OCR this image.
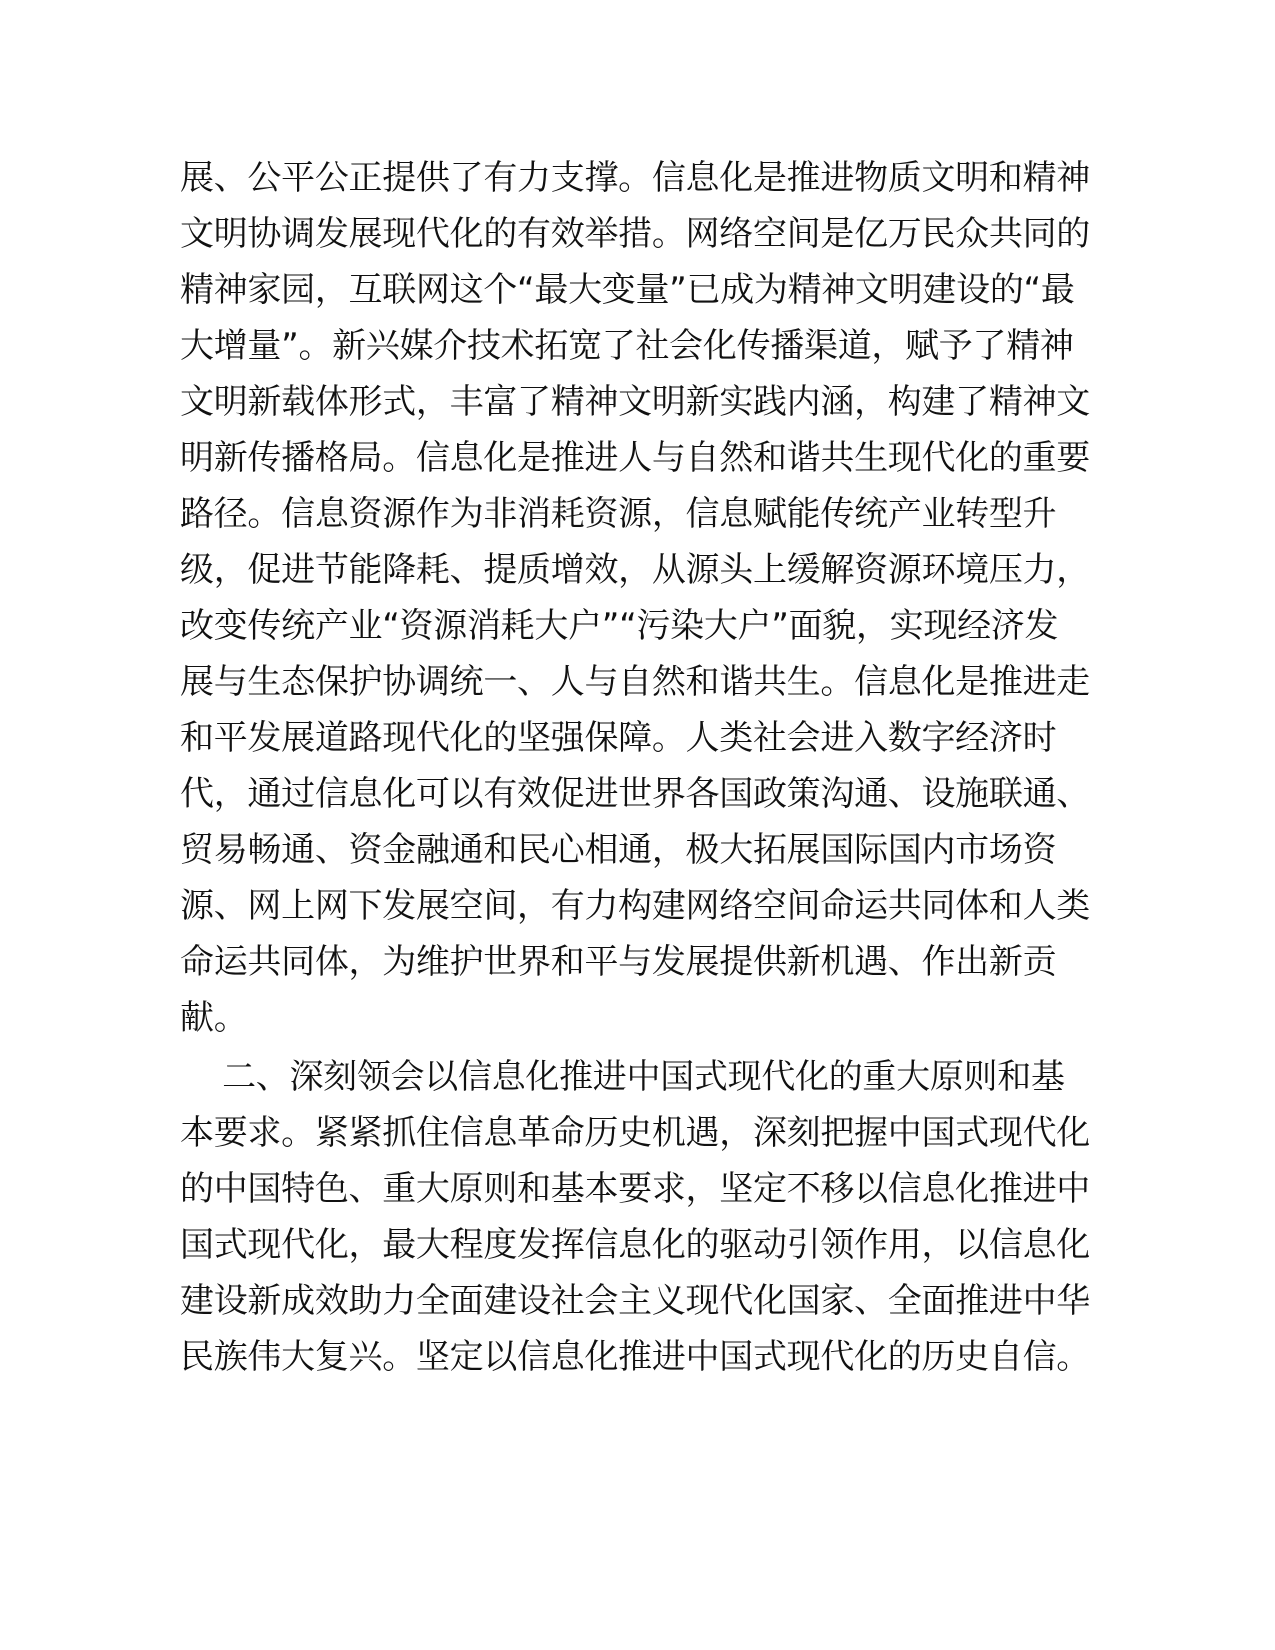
展 、 公 平 公 正 提 供 了 有 力 支 撑 。 信 息 化 是 推 进 物 质 文 明 和 精 神
文 明 协 调 发 展 现 代 化 的 有 效 举 措 。 网 络 空 间 是 亿 万 民 众 共 同 的
精 神 家 园 ， 互 联 网 这 个 “ 最 大 变 量 ” 已 成 为 精 神 文 明 建 设 的 “ 最
大 增 量 ” 。 新 兴 媒 介 技 术 拓 宽 了 社 会 化 传 播 渠 道 ， 赋 予 了 精 神
文 明 新 载 体 形 式 ， 丰 富 了 精 神 文 明 新 实 践 内 涵 ， 构 建 了 精 神 文
明 新 传 播 格 局 。 信 息 化 是 推 进 人 与 自 然 和 谐 共 生 现 代 化 的 重 要
路 径 。 信 息 资 源 作 为 非 消 耗 资 源 ， 信 息 赋 能 传 统 产 业 转 型 升
级 ， 促 进 节 能 降 耗 、 提 质 增 效 ， 从 源 头 上 缓 解 资 源 环 境 压 力 ，
改 变 传 统 产 业 “ 资 源 消 耗 大 户 ” “ 污 染 大 户 ” 面 貌 ， 实 现 经 济 发
展 与 生 态 保 护 协 调 统 一 、 人 与 自 然 和 谐 共 生 。 信 息 化 是 推 进 走
和 平 发 展 道 路 现 代 化 的 坚 强 保 障 。 人 类 社 会 进 入 数 字 经 济 时
代 ， 通 过 信 息 化 可 以 有 效 促 进 世 界 各 国 政 策 沟 通 、 设 施 联 通 、
贸 易 畅 通 、 资 金 融 通 和 民 心 相 通 ， 极 大 拓 展 国 际 国 内 市 场 资
源 、 网 上 网 下 发 展 空 间 ， 有 力 构 建 网 络 空 间 命 运 共 同 体 和 人 类
命 运 共 同 体 ， 为 维 护 世 界 和 平 与 发 展 提 供 新 机 遇 、 作 出 新 贡
献。

二 、 深 刻 领 会 以 信 息 化 推 进 中 国 式 现 代 化 的 重 大 原 则 和 基
本 要 求 。 紧 紧 抓 住 信 息 革 命 历 史 机 遇 ， 深 刻 把 握 中 国 式 现 代 化
的 中 国 特 色 、 重 大 原 则 和 基 本 要 求 ， 坚 定 不 移 以 信 息 化 推 进 中
国 式 现 代 化 ， 最 大 程 度 发 挥 信 息 化 的 驱 动 引 领 作 用 ， 以 信 息 化
建 设 新 成 效 助 力 全 面 建 设 社 会 主 义 现 代 化 国 家 、 全 面 推 进 中 华
民 族 伟 大 复 兴 。 坚 定 以 信 息 化 推 进 中 国 式 现 代 化 的 历 史 自 信 。
